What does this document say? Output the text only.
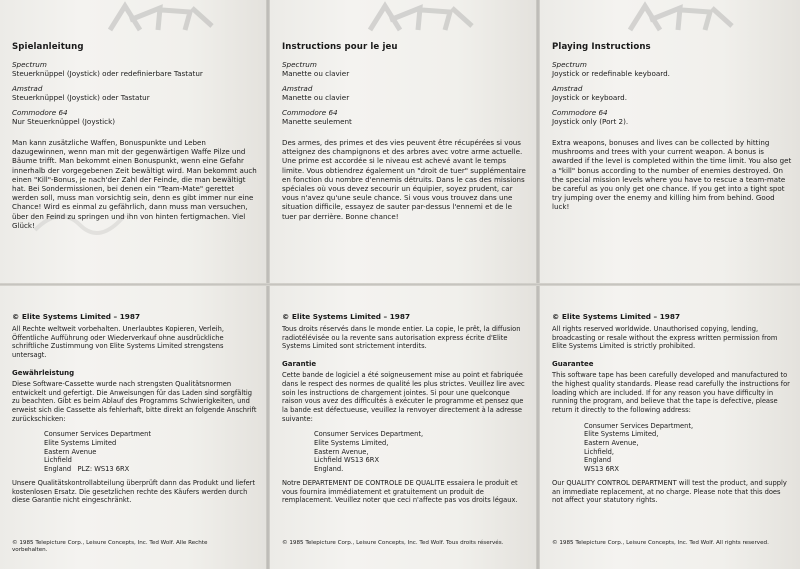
Spielanleitung

Spectrum

Steuerknüppel (Joystick) oder redefinierbare Tastatur

Amstrad

Steuerknüppel (Joystick) oder Tastatur

Commodore 64

Nur Steuerknüppel (Joystick)

Man kann zusätzliche Waffen, Bonuspunkte und Leben dazugewinnen, wenn man mit der gegenwärtigen Waffe Pilze und Bäume trifft. Man bekommt einen Bonuspunkt, wenn eine Gefahr innerhalb der vorgegebenen Zeit bewältigt wird. Man bekommt auch einen "Kill"-Bonus, je nach'der Zahl der Feinde, die man bewältigt hat. Bei Sondermissionen, bei denen ein "Team-Mate" gerettet werden soll, muss man vorsichtig sein, denn es gibt immer nur eine Chance! Wird es einmal zu gefährlich, dann muss man versuchen, über den Feind zu springen und ihn von hinten fertigmachen. Viel Glück!

© Elite Systems Limited – 1987

All Rechte weltweit vorbehalten. Unerlaubtes Kopieren, Verleih, Öffentliche Aufführung oder Wiederverkauf ohne ausdrückliche schriftliche Zustimmung von Elite Systems Limited strengstens untersagt.

Gewährleistung

Diese Software-Cassette wurde nach strengsten Qualitätsnormen entwickelt und gefertigt. Die Anweisungen für das Laden sind sorgfältig zu beachten. Gibt es beim Ablauf des Programms Schwierigkeiten, und erweist sich die Cassette als fehlerhaft, bitte direkt an folgende Anschrift zurückschicken:

Consumer Services Department
Elite Systems Limited
Eastern Avenue
Lichfield
England   PLZ: WS13 6RX

Unsere Qualitätskontrollabteilung überprüft dann das Produkt und liefert kostenlosen Ersatz. Die gesetzlichen rechte des Käufers werden durch diese Garantie nicht eingeschränkt.

© 1985 Telepicture Corp., Leisure Concepts, Inc. Ted Wolf. Alle Rechte vorbehalten.
Instructions pour le jeu

Spectrum

Manette ou clavier

Amstrad

Manette ou clavier

Commodore 64

Manette seulement

Des armes, des primes et des vies peuvent être récupérées si vous atteignez des champignons et des arbres avec votre arme actuelle. Une prime est accordée si le niveau est achevé avant le temps limite. Vous obtiendrez également un "droit de tuer" supplémentaire en fonction du nombre d'ennemis détruits. Dans le cas des missions spéciales où vous devez secourir un équipier, soyez prudent, car vous n'avez qu'une seule chance. Si vous vous trouvez dans une situation difficile, essayez de sauter par-dessus l'ennemi et de le tuer par derrière. Bonne chance!

© Elite Systems Limited – 1987

Tous droits réservés dans le monde entier. La copie, le prêt, la diffusion radiotélévisée ou la revente sans autorisation express écrite d'Elite Systems Limited sont strictement interdits.

Garantie

Cette bande de logiciel a été soigneusement mise au point et fabriquée dans le respect des normes de qualité les plus strictes. Veuillez lire avec soin les instructions de chargement jointes. Si pour une quelconque raison vous avez des difficultés à exécuter le programme et pensez que la bande est défectueuse, veuillez la renvoyer directement à la adresse suivante:

Consumer Services Department,
Elite Systems Limited,
Eastern Avenue,
Lichfield WS13 6RX
England.

Notre DEPARTEMENT DE CONTROLE DE QUALITE essaiera le produit et vous fournira immédiatement et gratuitement un produit de remplacement. Veuillez noter que ceci n'affecte pas vos droits légaux.

© 1985 Telepicture Corp., Leisure Concepts, Inc. Ted Wolf. Tous droits réservés.
Playing Instructions

Spectrum

Joystick or redefinable keyboard.

Amstrad

Joystick or keyboard.

Commodore 64

Joystick only (Port 2).

Extra weapons, bonuses and lives can be collected by hitting mushrooms and trees with your current weapon. A bonus is awarded if the level is completed within the time limit. You also get a "kill" bonus according to the number of enemies destroyed. On the special mission levels where you have to rescue a team-mate be careful as you only get one chance. If you get into a tight spot try jumping over the enemy and killing him from behind. Good luck!

© Elite Systems Limited – 1987

All rights reserved worldwide. Unauthorised copying, lending, broadcasting or resale without the express written permission from Elite Systems Limited is strictly prohibited.

Guarantee

This software tape has been carefully developed and manufactured to the highest quality standards. Please read carefully the instructions for loading which are included. If for any reason you have difficulty in running the program, and believe that the tape is defective, please return it directly to the following address:

Consumer Services Department,
Elite Systems Limited,
Eastern Avenue,
Lichfield,
England
WS13 6RX

Our QUALITY CONTROL DEPARTMENT will test the product, and supply an immediate replacement, at no charge. Please note that this does not affect your statutory rights.

© 1985 Telepicture Corp., Leisure Concepts, Inc. Ted Wolf. All rights reserved.
